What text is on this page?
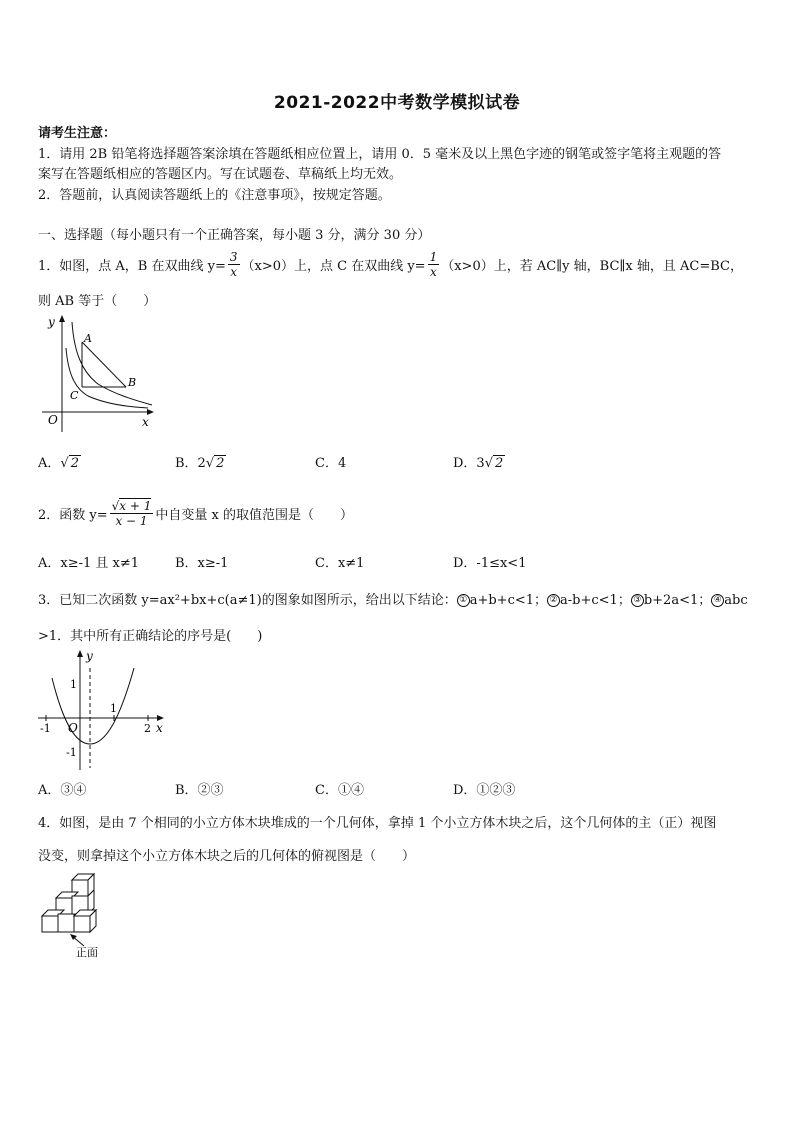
2021-2022中考数学模拟试卷
请考生注意：
1．请用 2B 铅笔将选择题答案涂填在答题纸相应位置上，请用 0．5 毫米及以上黑色字迹的钢笔或签字笔将主观题的答
案写在答题纸相应的答题区内。写在试题卷、草稿纸上均无效。
2．答题前，认真阅读答题纸上的《注意事项》，按规定答题。
一、选择题（每小题只有一个正确答案，每小题 3 分，满分 30 分）
1．如图，点 A，B 在双曲线 $y= \frac{3}{x} (x>0)$上，点 C 在双曲线 $y= \frac{1}{x} (x>0)$上，若 AC∥y 轴，BC∥x 轴，且 AC=BC，
则 AB 等于（　　）
y
x
O
A
B
C
A．√ 2	B．2√ 2	C．4	D．3√ 2
2．函数 $y= \frac{√x + 1}{x - 1}$ 中自变量 x 的取值范围是（　　）
A．x≥-1 且 x≠1	B．x≥-1	C．x≠1	D．-1≤x<1
3．已知二次函数 y=ax²+bx+c(a≠1)的图象如图所示，给出以下结论： ① a+b+c<1； ② a-b+c<1； ③ b+2a<1； ④ abc
>1．其中所有正确结论的序号是(　　)
y
x
O
1
-1
-1
1
2
A．③④	B．②③	C．①④	D．①②③
4．如图，是由 7 个相同的小立方体木块堆成的一个几何体，拿掉 1 个小立方体木块之后，这个几何体的主（正）视图
没变，则拿掉这个小立方体木块之后的几何体的俯视图是（　　）
正面
